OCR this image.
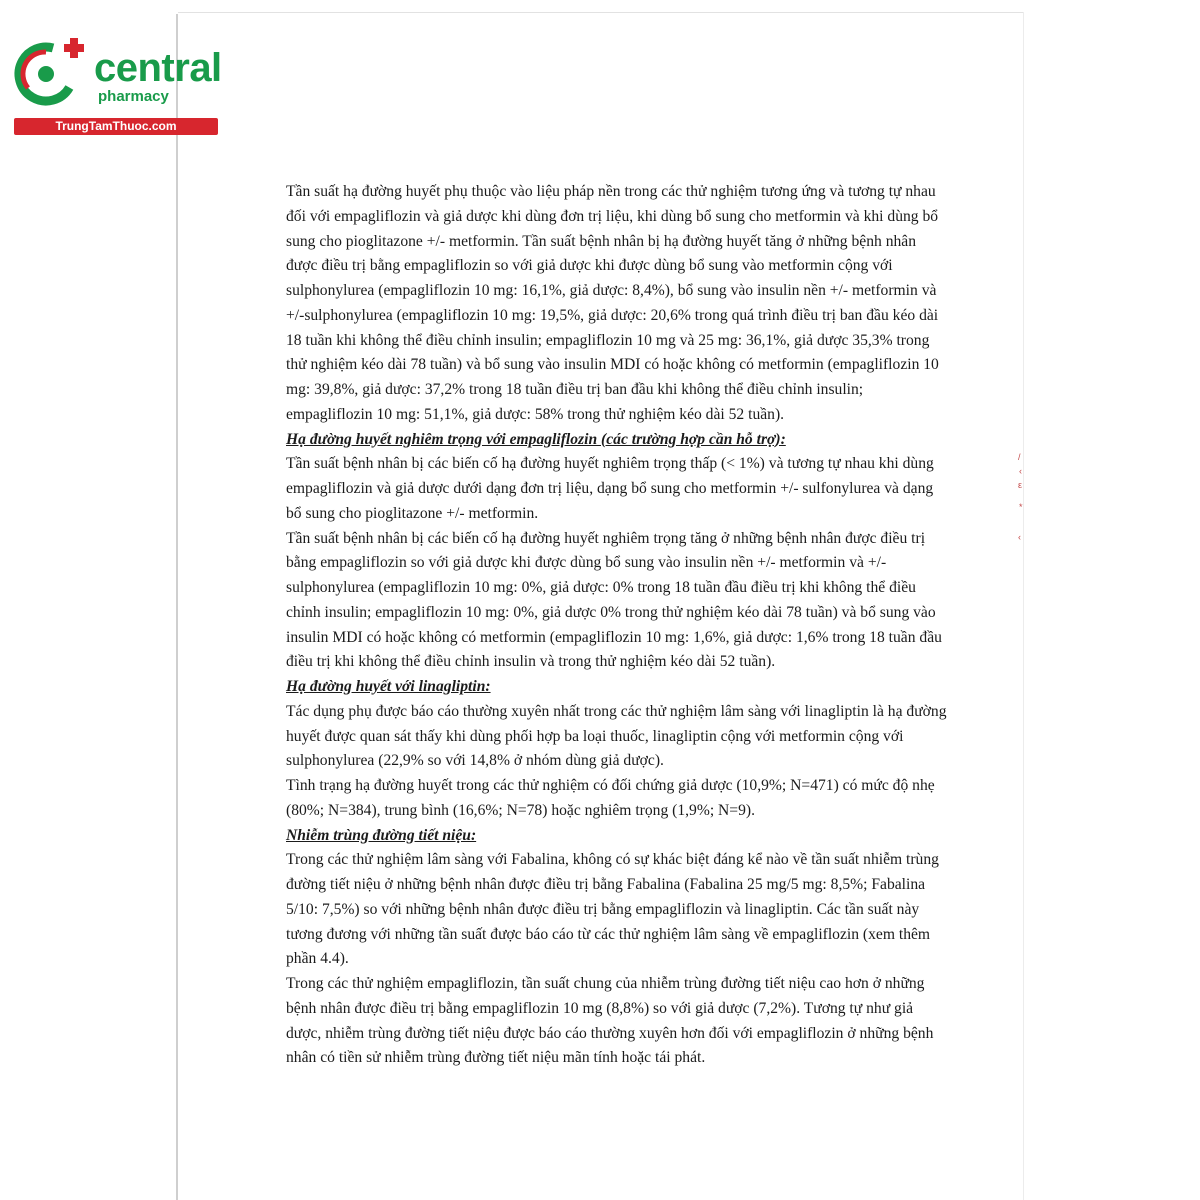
central
pharmacy
TrungTamThuoc.com

Tần suất hạ đường huyết phụ thuộc vào liệu pháp nền trong các thử nghiệm tương ứng và tương tự nhau đối với empagliflozin và giả dược khi dùng đơn trị liệu, khi dùng bổ sung cho metformin và khi dùng bổ sung cho pioglitazone +/- metformin. Tần suất bệnh nhân bị hạ đường huyết tăng ở những bệnh nhân được điều trị bằng empagliflozin so với giả dược khi được dùng bổ sung vào metformin cộng với sulphonylurea (empagliflozin 10 mg: 16,1%, giả dược: 8,4%), bổ sung vào insulin nền +/- metformin và +/-sulphonylurea (empagliflozin 10 mg: 19,5%, giả dược: 20,6% trong quá trình điều trị ban đầu kéo dài 18 tuần khi không thể điều chỉnh insulin; empagliflozin 10 mg và 25 mg: 36,1%, giả dược 35,3% trong thử nghiệm kéo dài 78 tuần) và bổ sung vào insulin MDI có hoặc không có metformin (empagliflozin 10 mg: 39,8%, giả dược: 37,2% trong 18 tuần điều trị ban đầu khi không thể điều chỉnh insulin; empagliflozin 10 mg: 51,1%, giả dược: 58% trong thử nghiệm kéo dài 52 tuần).

Hạ đường huyết nghiêm trọng với empagliflozin (các trường hợp cần hỗ trợ):

Tần suất bệnh nhân bị các biến cố hạ đường huyết nghiêm trọng thấp (< 1%) và tương tự nhau khi dùng empagliflozin và giả dược dưới dạng đơn trị liệu, dạng bổ sung cho metformin +/- sulfonylurea và dạng bổ sung cho pioglitazone +/- metformin.

Tần suất bệnh nhân bị các biến cố hạ đường huyết nghiêm trọng tăng ở những bệnh nhân được điều trị bằng empagliflozin so với giả dược khi được dùng bổ sung vào insulin nền +/- metformin và +/- sulphonylurea (empagliflozin 10 mg: 0%, giả dược: 0% trong 18 tuần đầu điều trị khi không thể điều chỉnh insulin; empagliflozin 10 mg: 0%, giả dược 0% trong thử nghiệm kéo dài 78 tuần) và bổ sung vào insulin MDI có hoặc không có metformin (empagliflozin 10 mg: 1,6%, giả dược: 1,6% trong 18 tuần đầu điều trị khi không thể điều chỉnh insulin và trong thử nghiệm kéo dài 52 tuần).

Hạ đường huyết với linagliptin:

Tác dụng phụ được báo cáo thường xuyên nhất trong các thử nghiệm lâm sàng với linagliptin là hạ đường huyết được quan sát thấy khi dùng phối hợp ba loại thuốc, linagliptin cộng với metformin cộng với sulphonylurea (22,9% so với 14,8% ở nhóm dùng giả dược).

Tình trạng hạ đường huyết trong các thử nghiệm có đối chứng giả dược (10,9%; N=471) có mức độ nhẹ (80%; N=384), trung bình (16,6%; N=78) hoặc nghiêm trọng (1,9%; N=9).

Nhiễm trùng đường tiết niệu:

Trong các thử nghiệm lâm sàng với Fabalina, không có sự khác biệt đáng kể nào về tần suất nhiễm trùng đường tiết niệu ở những bệnh nhân được điều trị bằng Fabalina (Fabalina 25 mg/5 mg: 8,5%; Fabalina 5/10: 7,5%) so với những bệnh nhân được điều trị bằng empagliflozin và linagliptin. Các tần suất này tương đương với những tần suất được báo cáo từ các thử nghiệm lâm sàng về empagliflozin (xem thêm phần 4.4).

Trong các thử nghiệm empagliflozin, tần suất chung của nhiễm trùng đường tiết niệu cao hơn ở những bệnh nhân được điều trị bằng empagliflozin 10 mg (8,8%) so với giả dược (7,2%). Tương tự như giả dược, nhiễm trùng đường tiết niệu được báo cáo thường xuyên hơn đối với empagliflozin ở những bệnh nhân có tiền sử nhiễm trùng đường tiết niệu mãn tính hoặc tái phát.

/
‹
ε
*
‹
